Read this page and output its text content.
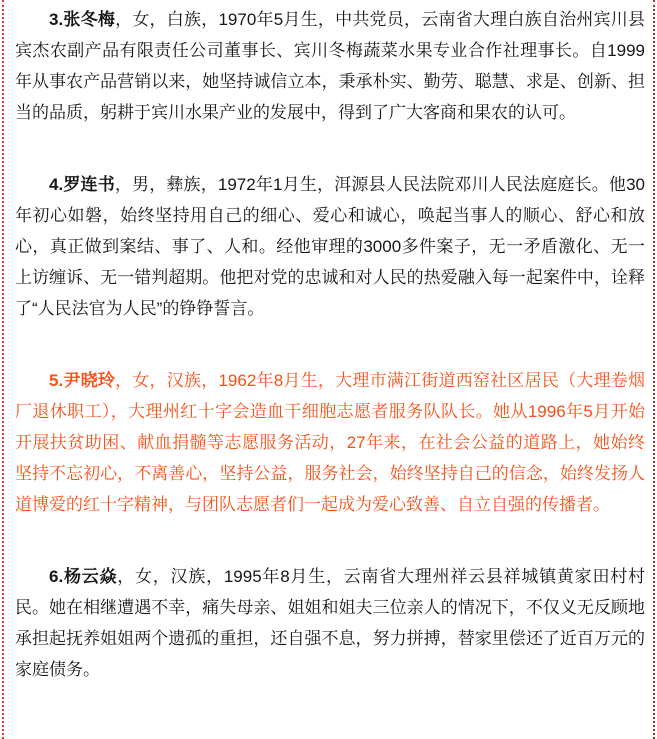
3.张冬梅，女，白族，1970年5月生，中共党员，云南省大理白族自治州宾川县宾杰农副产品有限责任公司董事长、宾川冬梅蔬菜水果专业合作社理事长。自1999年从事农产品营销以来，她坚持诚信立本，秉承朴实、勤劳、聪慧、求是、创新、担当的品质，躬耕于宾川水果产业的发展中，得到了广大客商和果农的认可。

4.罗连书，男，彝族，1972年1月生，洱源县人民法院邓川人民法庭庭长。他30年初心如磐，始终坚持用自己的细心、爱心和诚心，唤起当事人的顺心、舒心和放心，真正做到案结、事了、人和。经他审理的3000多件案子，无一矛盾激化、无一上访缠诉、无一错判超期。他把对党的忠诚和对人民的热爱融入每一起案件中，诠释了“人民法官为人民”的铮铮誓言。

5.尹晓玲，女，汉族，1962年8月生，大理市满江街道西窑社区居民（大理卷烟厂退休职工），大理州红十字会造血干细胞志愿者服务队队长。她从1996年5月开始开展扶贫助困、献血捐髓等志愿服务活动，27年来，在社会公益的道路上，她始终坚持不忘初心，不离善心，坚持公益，服务社会，始终坚持自己的信念，始终发扬人道博爱的红十字精神，与团队志愿者们一起成为爱心致善、自立自强的传播者。

6.杨云焱，女，汉族，1995年8月生，云南省大理州祥云县祥城镇黄家田村村民。她在相继遭遇不幸，痛失母亲、姐姐和姐夫三位亲人的情况下，不仅义无反顾地承担起抚养姐姐两个遗孤的重担，还自强不息，努力拼搏，替家里偿还了近百万元的家庭债务。
